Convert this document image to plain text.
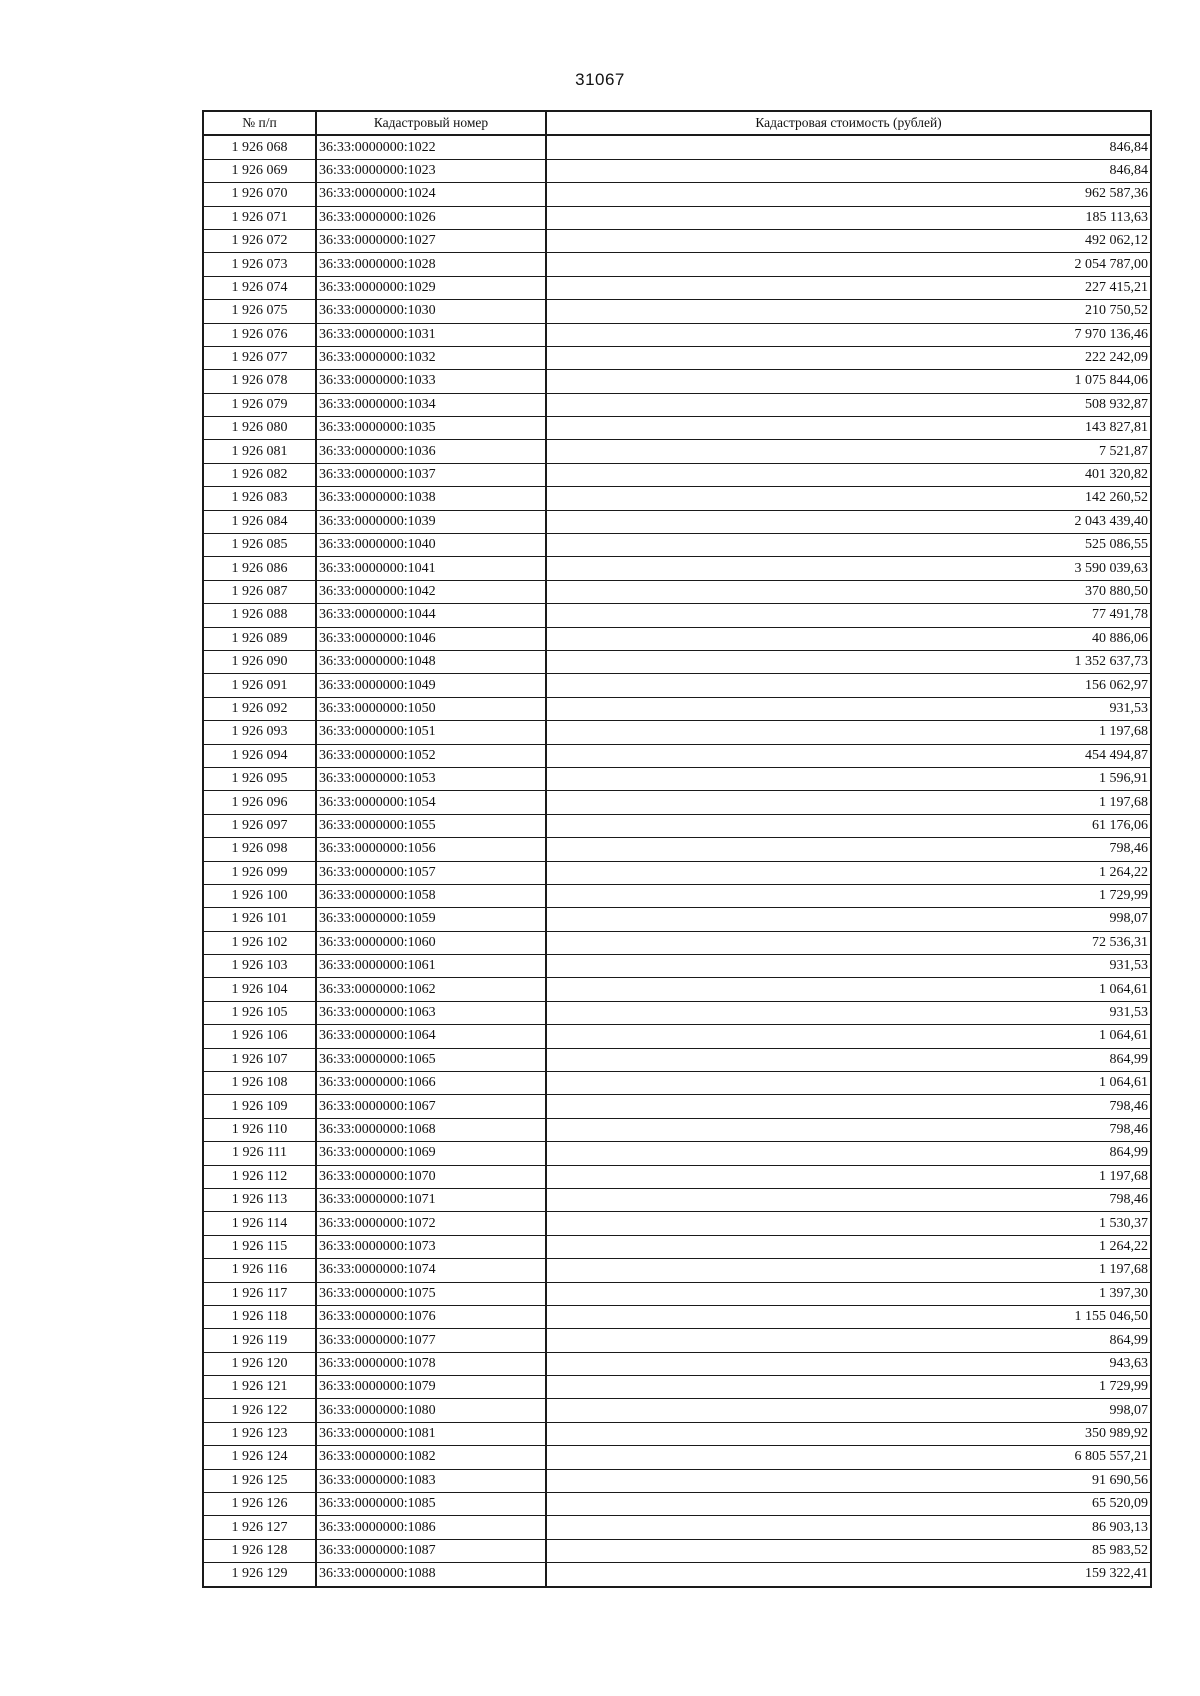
31067
№ п/п	Кадастровый номер	Кадастровая стоимость (рублей)
1 926 068	36:33:0000000:1022	846,84
1 926 069	36:33:0000000:1023	846,84
1 926 070	36:33:0000000:1024	962 587,36
1 926 071	36:33:0000000:1026	185 113,63
1 926 072	36:33:0000000:1027	492 062,12
1 926 073	36:33:0000000:1028	2 054 787,00
1 926 074	36:33:0000000:1029	227 415,21
1 926 075	36:33:0000000:1030	210 750,52
1 926 076	36:33:0000000:1031	7 970 136,46
1 926 077	36:33:0000000:1032	222 242,09
1 926 078	36:33:0000000:1033	1 075 844,06
1 926 079	36:33:0000000:1034	508 932,87
1 926 080	36:33:0000000:1035	143 827,81
1 926 081	36:33:0000000:1036	7 521,87
1 926 082	36:33:0000000:1037	401 320,82
1 926 083	36:33:0000000:1038	142 260,52
1 926 084	36:33:0000000:1039	2 043 439,40
1 926 085	36:33:0000000:1040	525 086,55
1 926 086	36:33:0000000:1041	3 590 039,63
1 926 087	36:33:0000000:1042	370 880,50
1 926 088	36:33:0000000:1044	77 491,78
1 926 089	36:33:0000000:1046	40 886,06
1 926 090	36:33:0000000:1048	1 352 637,73
1 926 091	36:33:0000000:1049	156 062,97
1 926 092	36:33:0000000:1050	931,53
1 926 093	36:33:0000000:1051	1 197,68
1 926 094	36:33:0000000:1052	454 494,87
1 926 095	36:33:0000000:1053	1 596,91
1 926 096	36:33:0000000:1054	1 197,68
1 926 097	36:33:0000000:1055	61 176,06
1 926 098	36:33:0000000:1056	798,46
1 926 099	36:33:0000000:1057	1 264,22
1 926 100	36:33:0000000:1058	1 729,99
1 926 101	36:33:0000000:1059	998,07
1 926 102	36:33:0000000:1060	72 536,31
1 926 103	36:33:0000000:1061	931,53
1 926 104	36:33:0000000:1062	1 064,61
1 926 105	36:33:0000000:1063	931,53
1 926 106	36:33:0000000:1064	1 064,61
1 926 107	36:33:0000000:1065	864,99
1 926 108	36:33:0000000:1066	1 064,61
1 926 109	36:33:0000000:1067	798,46
1 926 110	36:33:0000000:1068	798,46
1 926 111	36:33:0000000:1069	864,99
1 926 112	36:33:0000000:1070	1 197,68
1 926 113	36:33:0000000:1071	798,46
1 926 114	36:33:0000000:1072	1 530,37
1 926 115	36:33:0000000:1073	1 264,22
1 926 116	36:33:0000000:1074	1 197,68
1 926 117	36:33:0000000:1075	1 397,30
1 926 118	36:33:0000000:1076	1 155 046,50
1 926 119	36:33:0000000:1077	864,99
1 926 120	36:33:0000000:1078	943,63
1 926 121	36:33:0000000:1079	1 729,99
1 926 122	36:33:0000000:1080	998,07
1 926 123	36:33:0000000:1081	350 989,92
1 926 124	36:33:0000000:1082	6 805 557,21
1 926 125	36:33:0000000:1083	91 690,56
1 926 126	36:33:0000000:1085	65 520,09
1 926 127	36:33:0000000:1086	86 903,13
1 926 128	36:33:0000000:1087	85 983,52
1 926 129	36:33:0000000:1088	159 322,41
